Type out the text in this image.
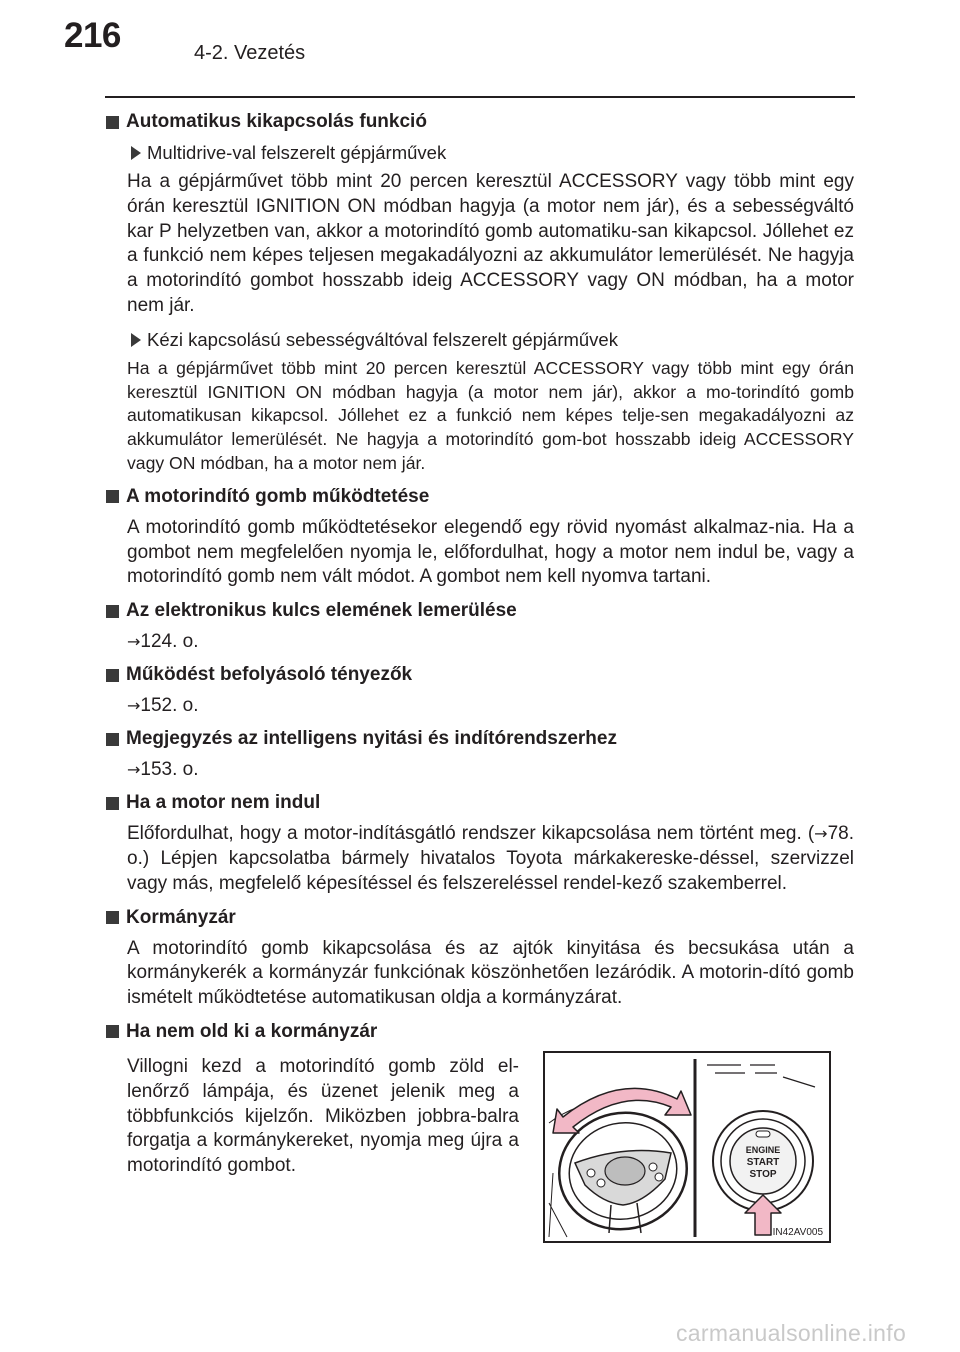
216	4-2. Vezetés
Automatikus kikapcsolás funkció
Multidrive-val felszerelt gépjárművek

Ha a gépjárművet több mint 20 percen keresztül ACCESSORY vagy több mint egy órán keresztül IGNITION ON módban hagyja (a motor nem jár), és a sebességváltó kar P helyzetben van, akkor a motorindító gomb automatiku-san kikapcsol. Jóllehet ez a funkció nem képes teljesen megakadályozni az akkumulátor lemerülését. Ne hagyja a motorindító gombot hosszabb ideig ACCESSORY vagy ON módban, ha a motor nem jár.

Kézi kapcsolású sebességváltóval felszerelt gépjárművek

Ha a gépjárművet több mint 20 percen keresztül ACCESSORY vagy több mint egy órán keresztül IGNITION ON módban hagyja (a motor nem jár), akkor a mo-torindító gomb automatikusan kikapcsol. Jóllehet ez a funkció nem képes telje-sen megakadályozni az akkumulátor lemerülését. Ne hagyja a motorindító gom-bot hosszabb ideig ACCESSORY vagy ON módban, ha a motor nem jár.

A motorindító gomb működtetése

A motorindító gomb működtetésekor elegendő egy rövid nyomást alkalmaz-nia. Ha a gombot nem megfelelően nyomja le, előfordulhat, hogy a motor nem indul be, vagy a motorindító gomb nem vált módot. A gombot nem kell nyomva tartani.

Az elektronikus kulcs elemének lemerülése
→124. o.
Működést befolyásoló tényezők
→152. o.
Megjegyzés az intelligens nyitási és indítórendszerhez
→153. o.
Ha a motor nem indul

Előfordulhat, hogy a motor-indításgátló rendszer kikapcsolása nem történt meg. (→78. o.) Lépjen kapcsolatba bármely hivatalos Toyota márkakereske-déssel, szervizzel vagy más, megfelelő képesítéssel és felszereléssel rendel-kező szakemberrel.

Kormányzár

A motorindító gomb kikapcsolása és az ajtók kinyitása és becsukása után a kormánykerék a kormányzár funkciónak köszönhetően lezáródik. A motorin-dító gomb ismételt működtetése automatikusan oldja a kormányzárat.

Ha nem old ki a kormányzár

Villogni kezd a motorindító gomb zöld el-lenőrző lámpája, és üzenet jelenik meg a többfunkciós kijelzőn. Miközben jobbra-balra forgatja a kormánykereket, nyomja meg újra a motorindító gombot.

ENGINE
START
STOP
IN42AV005
carmanualsonline.info
